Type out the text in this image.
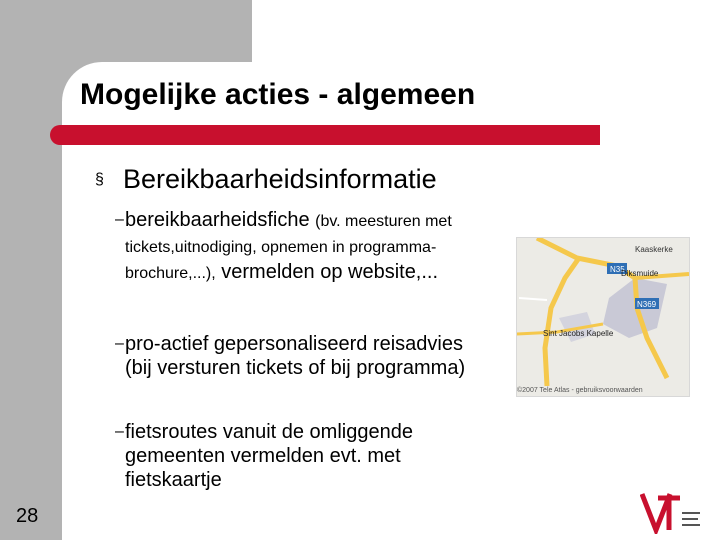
Mogelijke acties - algemeen
§ Bereikbaarheidsinformatie
– bereikbaarheidsfiche (bv. meesturen met tickets,uitnodiging, opnemen in programma-brochure,...), vermelden op website,...
– pro-actief gepersonaliseerd reisadvies (bij versturen tickets of bij programma)
– fietsroutes vanuit de omliggende gemeenten vermelden evt. met fietskaartje
Kaaskerke
N35
Diksmuide
N369
Sint Jacobs Kapelle
©2007 Tele Atlas - gebruiksvoorwaarden
28
